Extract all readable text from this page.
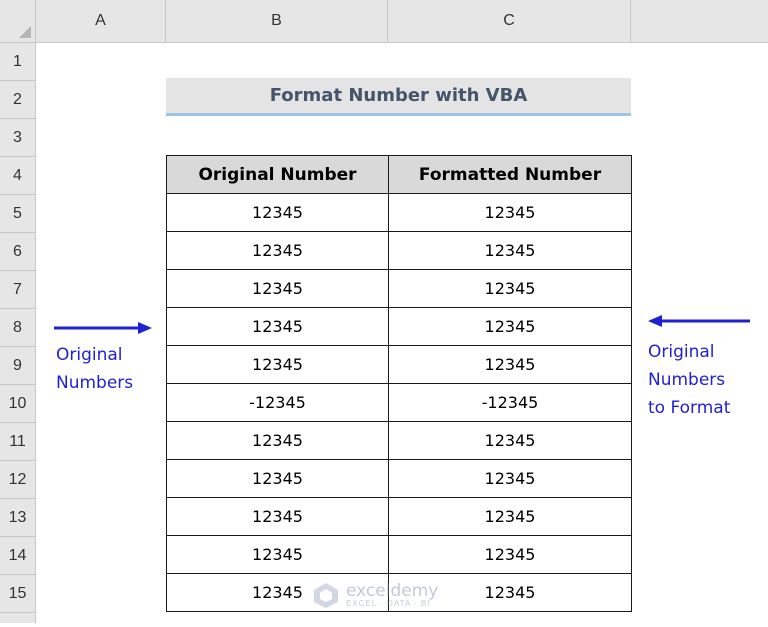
A	B	C
1
2
3
4
5
6
7
8
9
10
11
12
13
14
15
Format Number with VBA
Original Number	Formatted Number
12345	12345
12345	12345
12345	12345
12345	12345
12345	12345
-12345	-12345
12345	12345
12345	12345
12345	12345
12345	12345
12345	12345
Original
Numbers
Original
Numbers
to Format
exceldemy
EXCEL · DATA · BI
